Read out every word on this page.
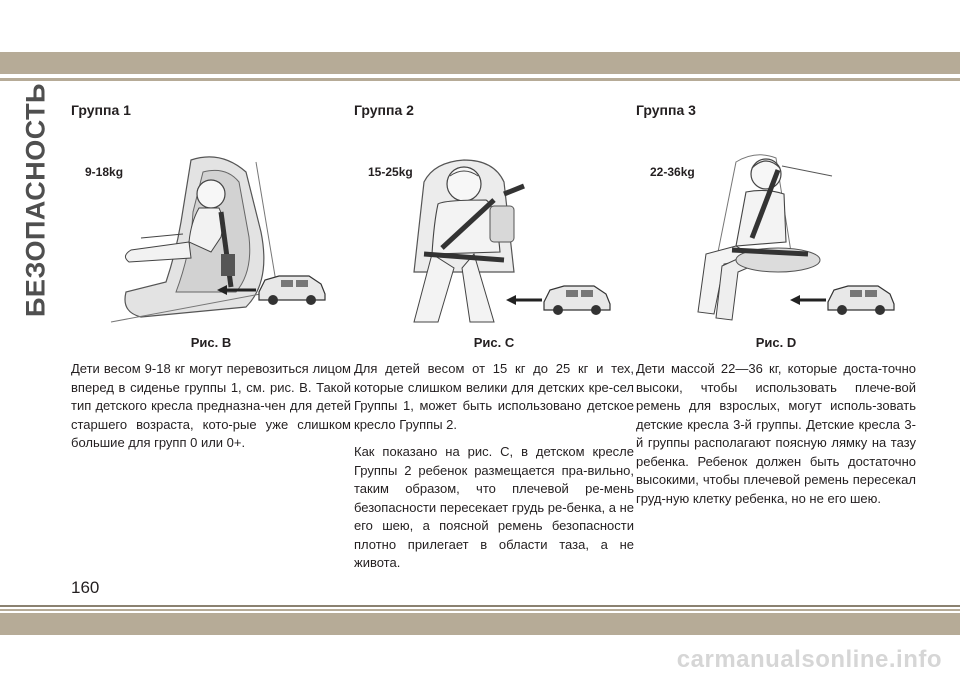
БЕЗОПАСНОСТЬ Группа 1
9-18kg
Рис. B

Дети весом 9-18 кг могут перевозиться лицом вперед в сиденье группы 1, см. рис. B. Такой тип детского кресла предназна-чен для детей старшего возраста, кото-рые уже слишком большие для групп 0 или 0+.

Группа 2
15-25kg
Рис. C

Для детей весом от 15 кг до 25 кг и тех, которые слишком велики для детских кре-сел Группы 1, может быть использовано детское кресло Группы 2.

Как показано на рис. C, в детском кресле Группы 2 ребенок размещается пра-вильно, таким образом, что плечевой ре-мень безопасности пересекает грудь ре-бенка, а не его шею, а поясной ремень безопасности плотно прилегает в области таза, а не живота.

Группа 3
22-36kg
Рис. D

Дети массой 22—36 кг, которые доста-точно высоки, чтобы использовать плече-вой ремень для взрослых, могут исполь-зовать детские кресла 3-й группы. Детские кресла 3-й группы располагают поясную лямку на тазу ребенка. Ребенок должен быть достаточно высокими, чтобы плечевой ремень пересекал груд-ную клетку ребенка, но не его шею.

160
carmanualsonline.info
